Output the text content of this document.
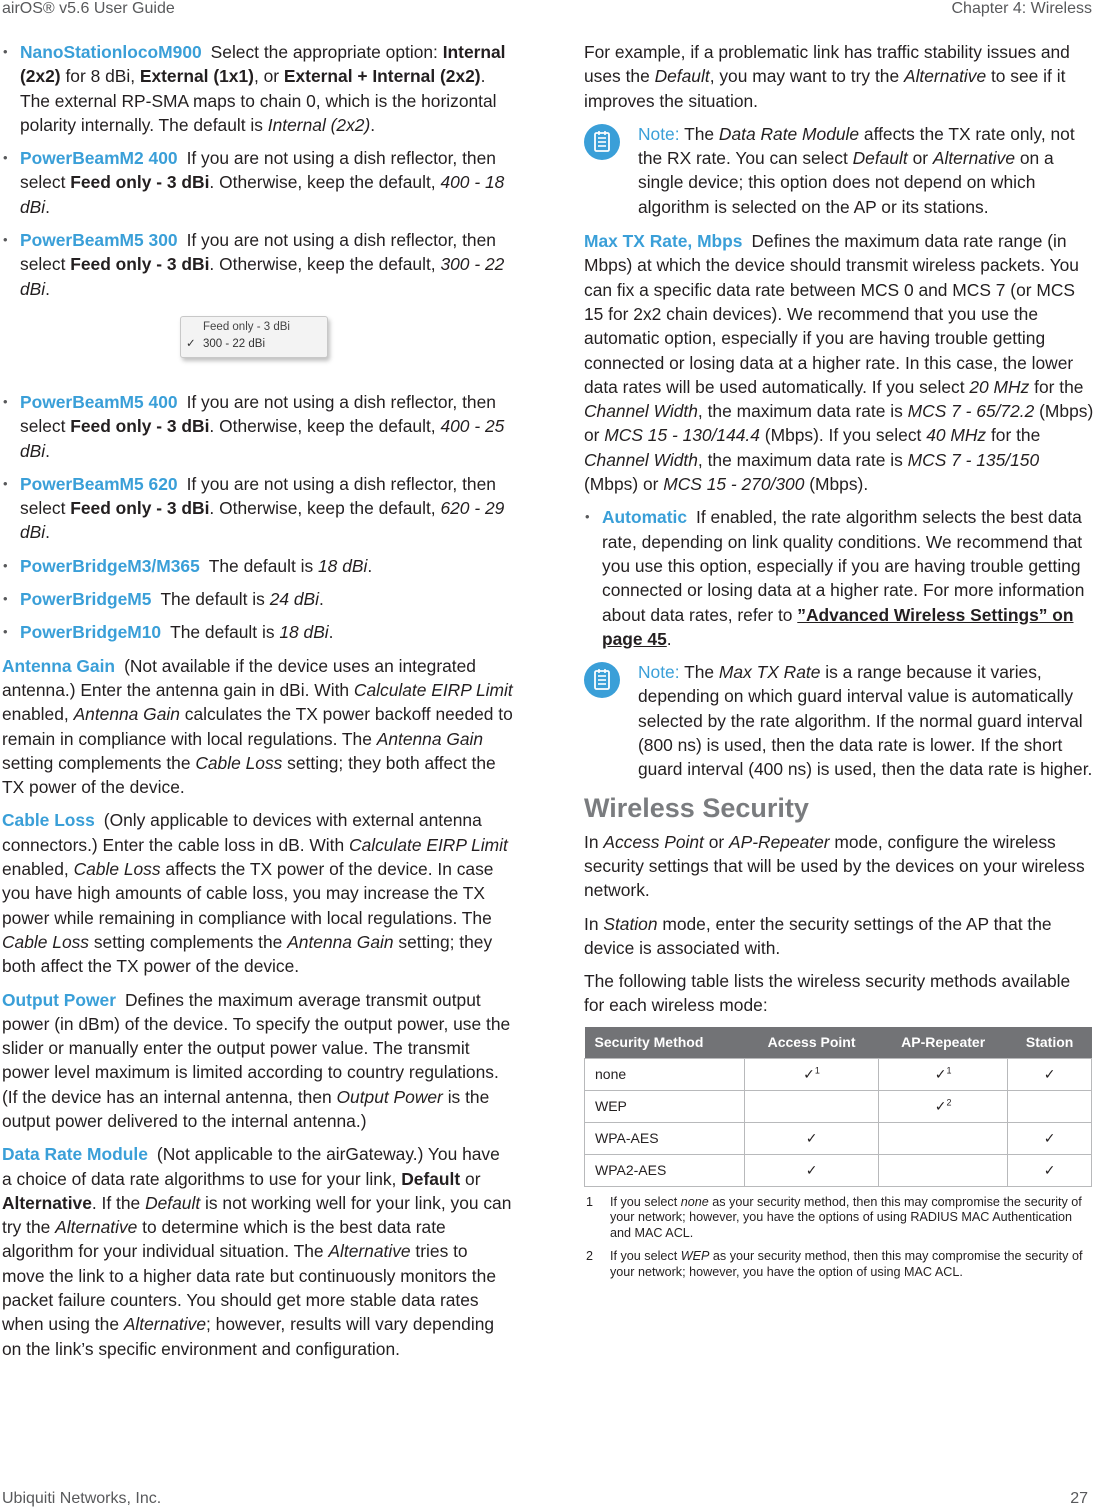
airOS® v5.6 User Guide	Chapter 4: Wireless
• NanoStationlocoM900 Select the appropriate option: Internal (2x2) for 8 dBi, External (1x1), or External + Internal (2x2). The external RP-SMA maps to chain 0, which is the horizontal polarity internally. The default is Internal (2x2).
• PowerBeamM2 400 If you are not using a dish reflector, then select Feed only - 3 dBi. Otherwise, keep the default, 400 - 18 dBi.
• PowerBeamM5 300 If you are not using a dish reflector, then select Feed only - 3 dBi. Otherwise, keep the default, 300 - 22 dBi.
Feed only - 3 dBi
✓ 300 - 22 dBi
• PowerBeamM5 400 If you are not using a dish reflector, then select Feed only - 3 dBi. Otherwise, keep the default, 400 - 25 dBi.
• PowerBeamM5 620 If you are not using a dish reflector, then select Feed only - 3 dBi. Otherwise, keep the default, 620 - 29 dBi.
• PowerBridgeM3/M365 The default is 18 dBi.
• PowerBridgeM5 The default is 24 dBi.
• PowerBridgeM10 The default is 18 dBi.

Antenna Gain (Not available if the device uses an integrated antenna.) Enter the antenna gain in dBi. With Calculate EIRP Limit enabled, Antenna Gain calculates the TX power backoff needed to remain in compliance with local regulations. The Antenna Gain setting complements the Cable Loss setting; they both affect the TX power of the device.

Cable Loss (Only applicable to devices with external antenna connectors.) Enter the cable loss in dB. With Calculate EIRP Limit enabled, Cable Loss affects the TX power of the device. In case you have high amounts of cable loss, you may increase the TX power while remaining in compliance with local regulations. The Cable Loss setting complements the Antenna Gain setting; they both affect the TX power of the device.

Output Power Defines the maximum average transmit output power (in dBm) of the device. To specify the output power, use the slider or manually enter the output power value. The transmit power level maximum is limited according to country regulations. (If the device has an internal antenna, then Output Power is the output power delivered to the internal antenna.)

Data Rate Module (Not applicable to the airGateway.) You have a choice of data rate algorithms to use for your link, Default or Alternative. If the Default is not working well for your link, you can try the Alternative to determine which is the best data rate algorithm for your individual situation. The Alternative tries to move the link to a higher data rate but continuously monitors the packet failure counters. You should get more stable data rates when using the Alternative; however, results will vary depending on the link’s specific environment and configuration.

For example, if a problematic link has traffic stability issues and uses the Default, you may want to try the Alternative to see if it improves the situation.

Note: The Data Rate Module affects the TX rate only, not the RX rate. You can select Default or Alternative on a single device; this option does not depend on which algorithm is selected on the AP or its stations.

Max TX Rate, Mbps Defines the maximum data rate range (in Mbps) at which the device should transmit wireless packets. You can fix a specific data rate between MCS 0 and MCS 7 (or MCS 15 for 2x2 chain devices). We recommend that you use the automatic option, especially if you are having trouble getting connected or losing data at a higher rate. In this case, the lower data rates will be used automatically. If you select 20 MHz for the Channel Width, the maximum data rate is MCS 7 - 65/72.2 (Mbps) or MCS 15 - 130/144.4 (Mbps). If you select 40 MHz for the Channel Width, the maximum data rate is MCS 7 - 135/150 (Mbps) or MCS 15 - 270/300 (Mbps).

• Automatic If enabled, the rate algorithm selects the best data rate, depending on link quality conditions. We recommend that you use this option, especially if you are having trouble getting connected or losing data at a higher rate. For more information about data rates, refer to ”Advanced Wireless Settings” on page 45.
Note: The Max TX Rate is a range because it varies, depending on which guard interval value is automatically selected by the rate algorithm. If the normal guard interval (800 ns) is used, then the data rate is lower. If the short guard interval (400 ns) is used, then the data rate is higher.
Wireless Security

In Access Point or AP-Repeater mode, configure the wireless security settings that will be used by the devices on your wireless network.

In Station mode, enter the security settings of the AP that the device is associated with.

The following table lists the wireless security methods available for each wireless mode:

Security Method	Access Point	AP-Repeater	Station
none	✓$^1$	✓$^1$	✓
WEP		✓$^2$	
WPA-AES	✓		✓
WPA2-AES	✓		✓
1 If you select none as your security method, then this may compromise the security of your network; however, you have the options of using RADIUS MAC Authentication and MAC ACL.
2 If you select WEP as your security method, then this may compromise the security of your network; however, you have the option of using MAC ACL.
Ubiquiti Networks, Inc.	27
